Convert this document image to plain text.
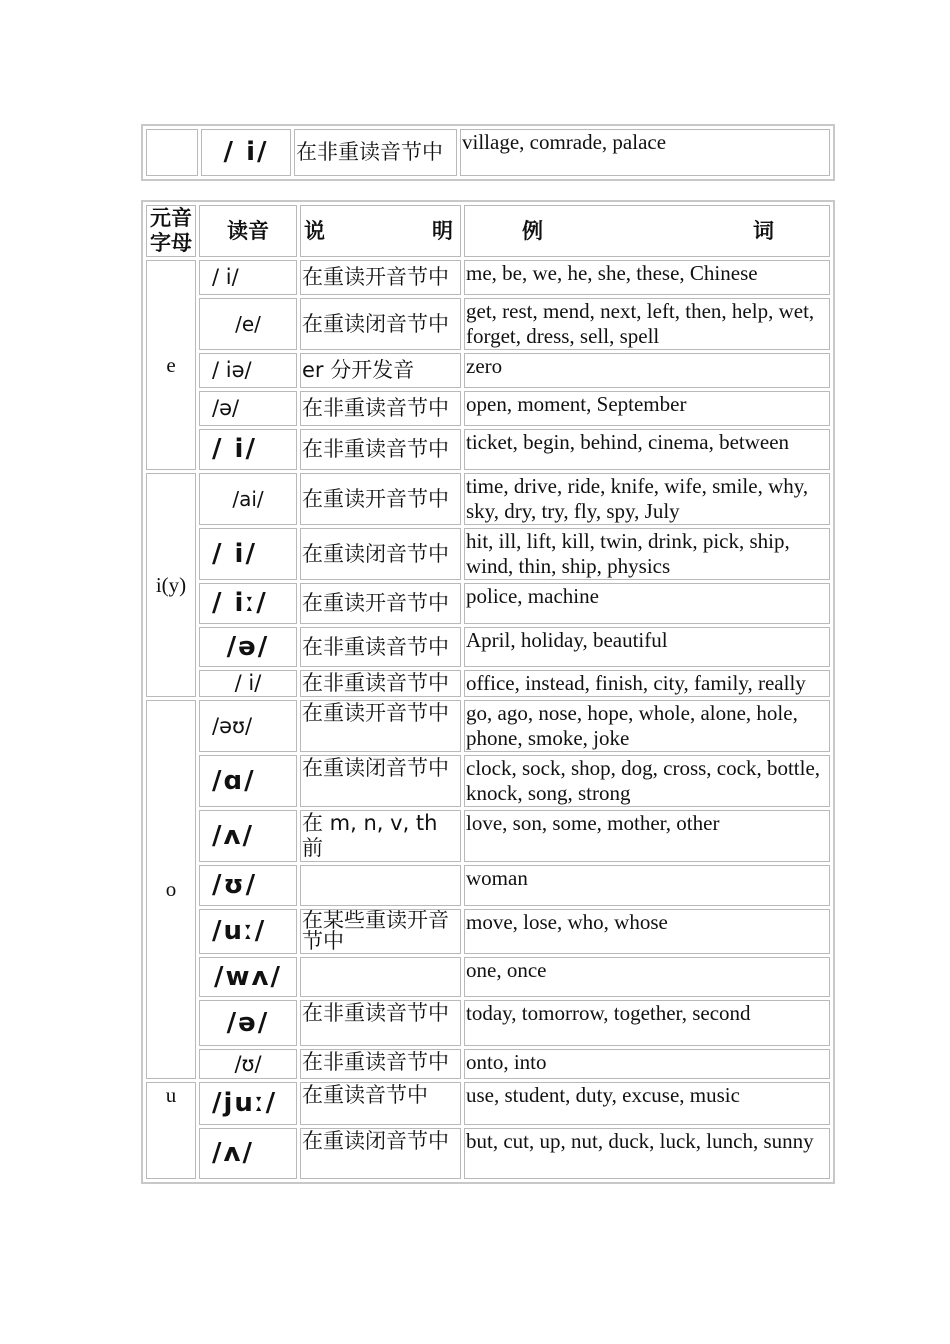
	/ i/	在非重读音节中	village, comrade, palace
元音字母	读音	说 明	例 词

e	/ i/	在重读开音节中	me, be, we, he, she, these, Chinese
	/e/	在重读闭音节中	get, rest, mend, next, left, then, help, wet, forget, dress, sell, spell
	/ iə/	er 分开发音	zero
	/ə/	在非重读音节中	open, moment, September
	/ i/	在非重读音节中	ticket, begin, behind, cinema, between
i(y)	/ai/	在重读开音节中	time, drive, ride, knife, wife, smile, why, sky, dry, try, fly, spy, July
	/ i/	在重读闭音节中	hit, ill, lift, kill, twin, drink, pick, ship, wind, thin, ship, physics
	/ iː/	在重读开音节中	police, machine
	/ə/	在非重读音节中	April, holiday, beautiful
	/ i/	在非重读音节中	office, instead, finish, city, family, really
o	/əʊ/	在重读开音节中	go, ago, nose, hope, whole, alone, hole, phone, smoke, joke
	/ɑ/	在重读闭音节中	clock, sock, shop, dog, cross, cock, bottle, knock, song, strong
	/ʌ/	在 m, n, v, th 前	love, son, some, mother, other
	/ʊ/		woman
	/uː/	在某些重读开音节中	move, lose, who, whose
	/wʌ/		one, once
	/ə/	在非重读音节中	today, tomorrow, together, second
	/ʊ/	在非重读音节中	onto, into
u	/juː/	在重读音节中	use, student, duty, excuse, music
	/ʌ/	在重读闭音节中	but, cut, up, nut, duck, luck, lunch, sunny
